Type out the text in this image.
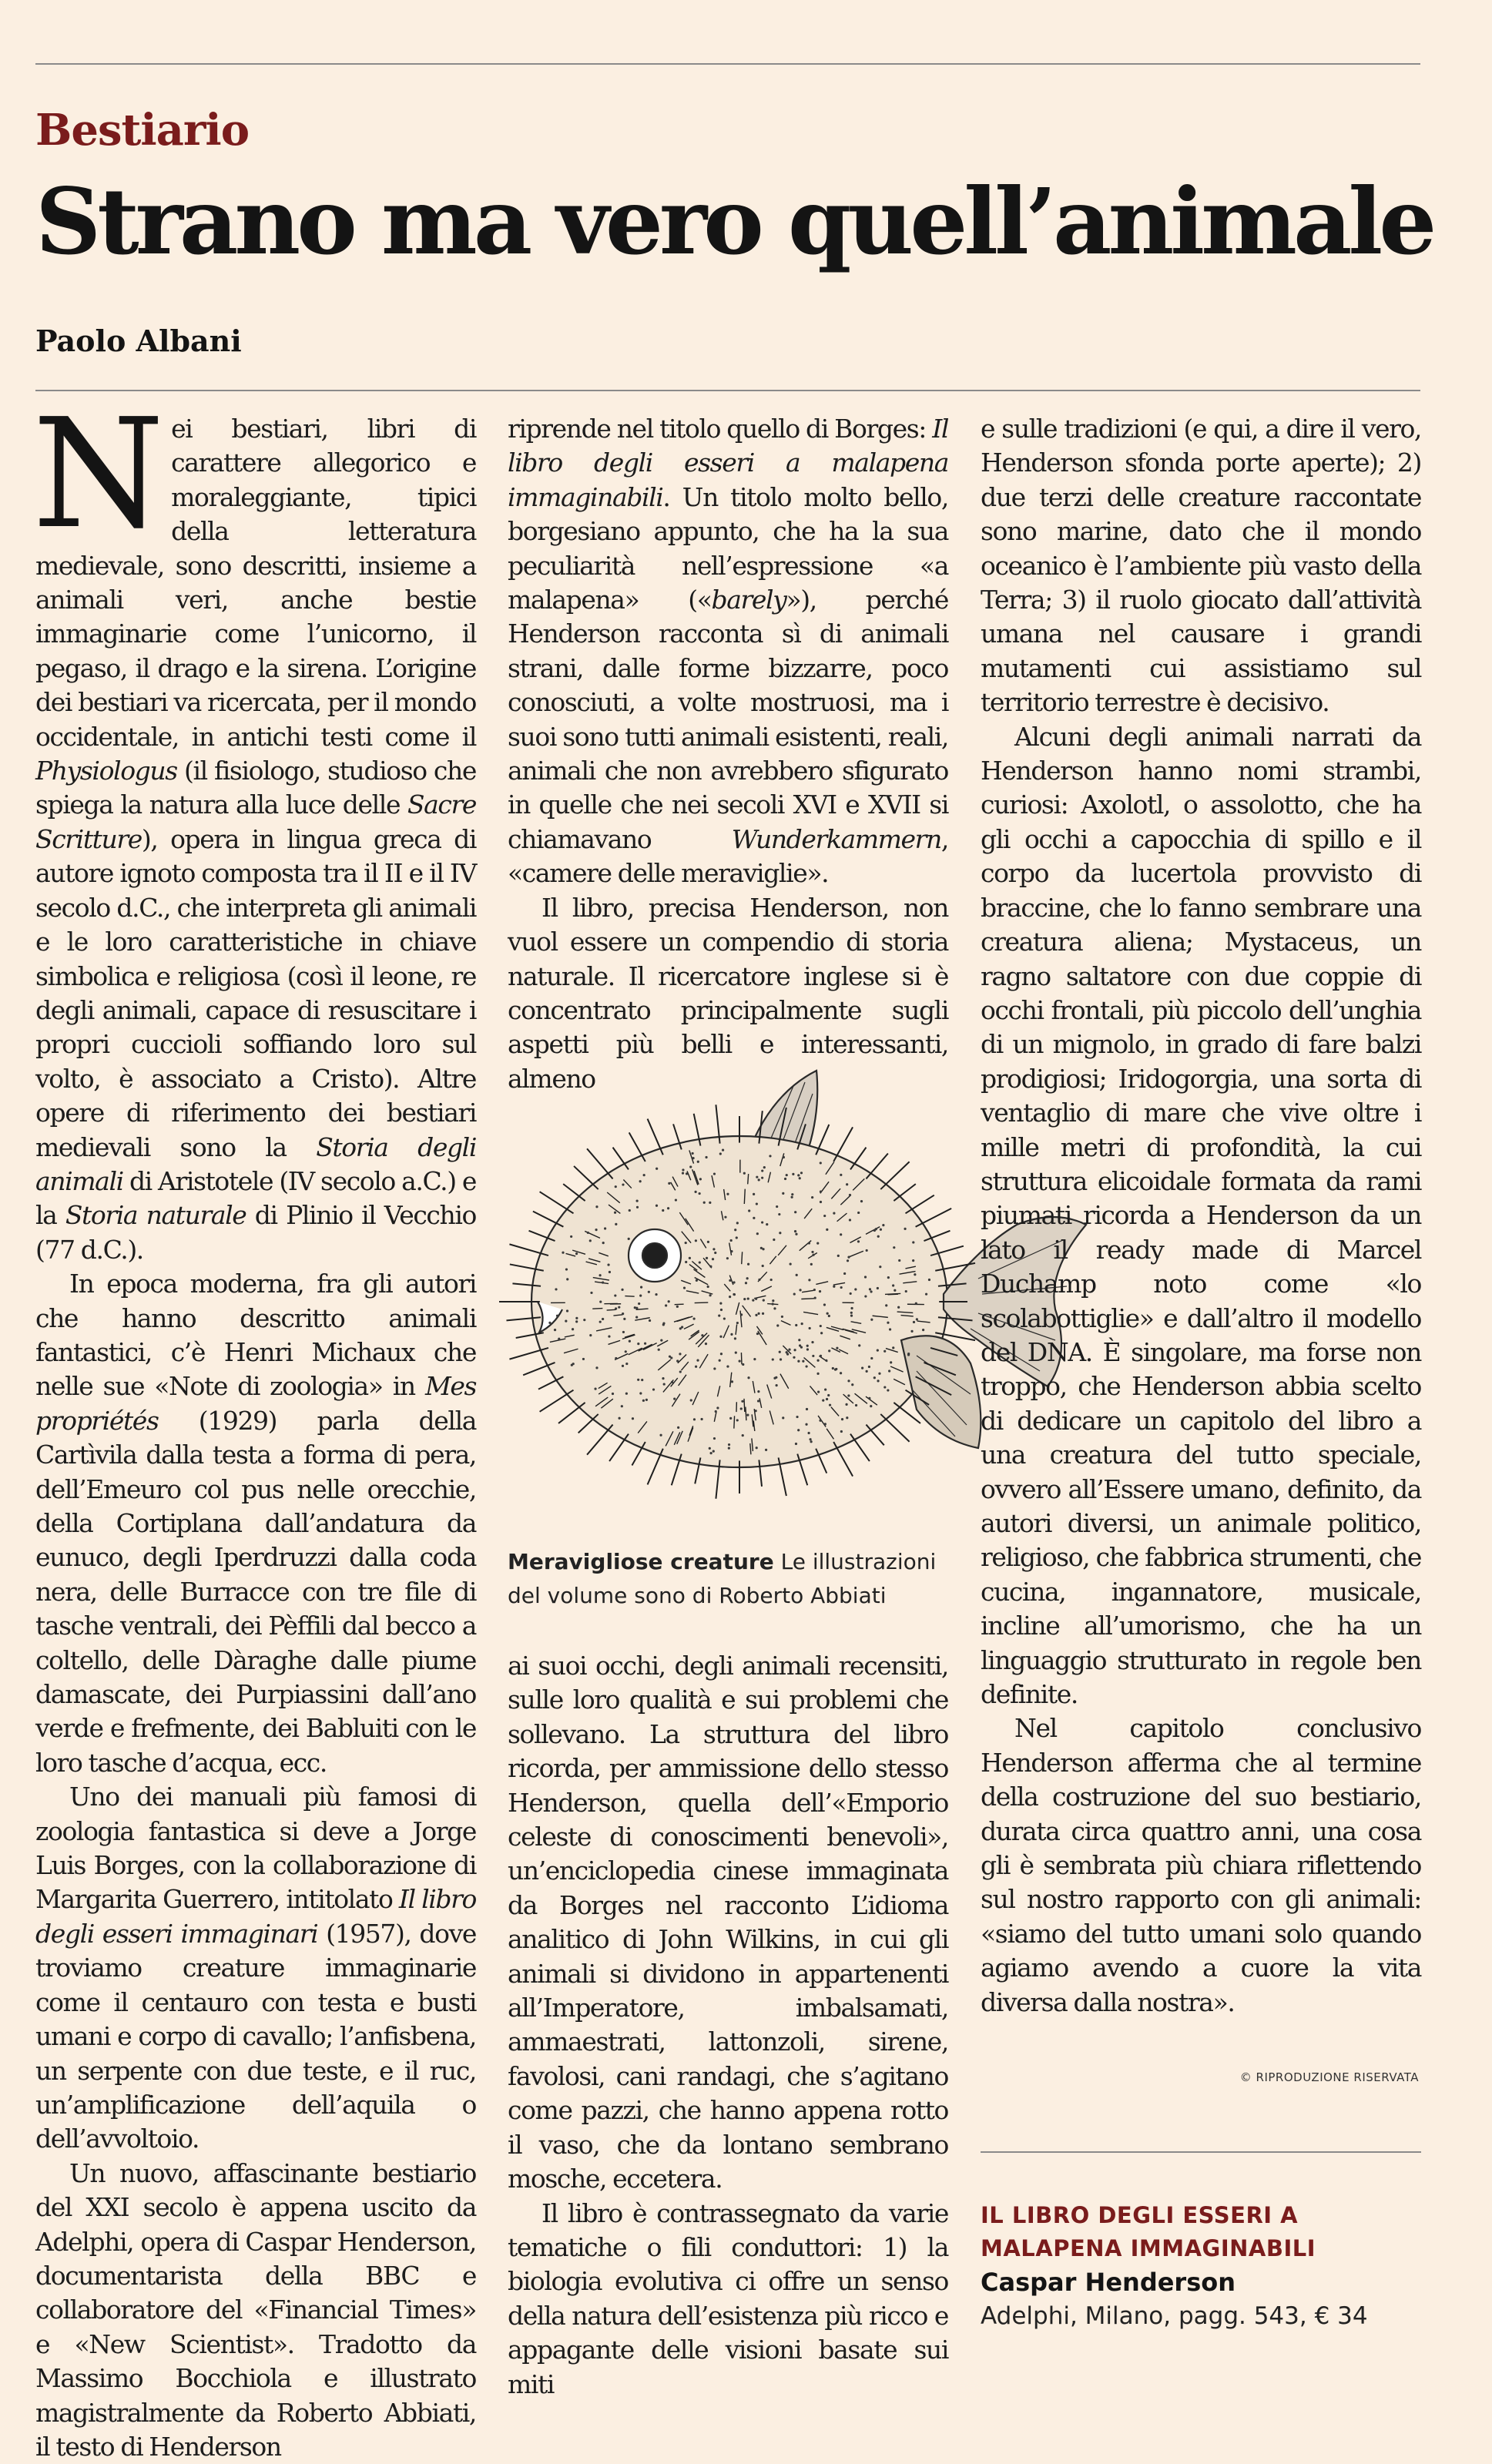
Bestiario
Strano ma vero quell’animale
Paolo Albani

Nei bestiari, libri di carattere allegorico e moraleggiante, tipici della letteratura medievale, sono descritti, insieme a animali veri, anche bestie immaginarie come l’unicorno, il pegaso, il drago e la sirena. L’origine dei bestiari va ricercata, per il mondo occidentale, in antichi testi come il Physiologus (il fisiologo, studioso che spiega la natura alla luce delle Sacre Scritture), opera in lingua greca di autore ignoto composta tra il II e il IV secolo d.C., che interpreta gli animali e le loro caratteristiche in chiave simbolica e religiosa (così il leone, re degli animali, capace di resuscitare i propri cuccioli soffiando loro sul volto, è associato a Cristo). Altre opere di riferimento dei bestiari medievali sono la Storia degli animali di Aristotele (IV secolo a.C.) e la Storia naturale di Plinio il Vecchio (77 d.C.).

In epoca moderna, fra gli autori che hanno descritto animali fantastici, c’è Henri Michaux che nelle sue «Note di zoologia» in Mes propriétés (1929) parla della Cartìvila dalla testa a forma di pera, dell’Emeuro col pus nelle orecchie, della Cortiplana dall’andatura da eunuco, degli Iperdruzzi dalla coda nera, delle Burracce con tre file di tasche ventrali, dei Pèffili dal becco a coltello, delle Dàraghe dalle piume damascate, dei Purpiassini dall’ano verde e frefmente, dei Babluiti con le loro tasche d’acqua, ecc.

Uno dei manuali più famosi di zoologia fantastica si deve a Jorge Luis Borges, con la collaborazione di Margarita Guerrero, intitolato Il libro degli esseri immaginari (1957), dove troviamo creature immaginarie come il centauro con testa e busti umani e corpo di cavallo; l’anfisbena, un serpente con due teste, e il ruc, un’amplificazione dell’aquila o dell’avvoltoio.

Un nuovo, affascinante bestiario del XXI secolo è appena uscito da Adelphi, opera di Caspar Henderson, documentarista della BBC e collaboratore del «Financial Times» e «New Scientist». Tradotto da Massimo Bocchiola e illustrato magistralmente da Roberto Abbiati, il testo di Henderson

riprende nel titolo quello di Borges: Il libro degli esseri a malapena immaginabili. Un titolo molto bello, borgesiano appunto, che ha la sua peculiarità nell’espressione «a malapena» («barely»), perché Henderson racconta sì di animali strani, dalle forme bizzarre, poco conosciuti, a volte mostruosi, ma i suoi sono tutti animali esistenti, reali, animali che non avrebbero sfigurato in quelle che nei secoli XVI e XVII si chiamavano Wunderkammern, «camere delle meraviglie».

Il libro, precisa Henderson, non vuol essere un compendio di storia naturale. Il ricercatore inglese si è concentrato principalmente sugli aspetti più belli e interessanti, almeno

ai suoi occhi, degli animali recensiti, sulle loro qualità e sui problemi che sollevano. La struttura del libro ricorda, per ammissione dello stesso Henderson, quella dell’«Emporio celeste di conoscimenti benevoli», un’enciclopedia cinese immaginata da Borges nel racconto L’idioma analitico di John Wilkins, in cui gli animali si dividono in appartenenti all’Imperatore, imbalsamati, ammaestrati, lattonzoli, sirene, favolosi, cani randagi, che s’agitano come pazzi, che hanno appena rotto il vaso, che da lontano sembrano mosche, eccetera.

Il libro è contrassegnato da varie tematiche o fili conduttori: 1) la biologia evolutiva ci offre un senso della natura dell’esistenza più ricco e appagante delle visioni basate sui miti

Meravigliose creature Le illustrazioni del volume sono di Roberto Abbiati

e sulle tradizioni (e qui, a dire il vero, Henderson sfonda porte aperte); 2) due terzi delle creature raccontate sono marine, dato che il mondo oceanico è l’ambiente più vasto della Terra; 3) il ruolo giocato dall’attività umana nel causare i grandi mutamenti cui assistiamo sul territorio terrestre è decisivo.

Alcuni degli animali narrati da Henderson hanno nomi strambi, curiosi: Axolotl, o assolotto, che ha gli occhi a capocchia di spillo e il corpo da lucertola provvisto di braccine, che lo fanno sembrare una creatura aliena; Mystaceus, un ragno saltatore con due coppie di occhi frontali, più piccolo dell’unghia di un mignolo, in grado di fare balzi prodigiosi; Iridogorgia, una sorta di ventaglio di mare che vive oltre i mille metri di profondità, la cui struttura elicoidale formata da rami piumati ricorda a Henderson da un lato il ready made di Marcel Duchamp noto come «lo scolabottiglie» e dall’altro il modello del DNA. È singolare, ma forse non troppo, che Henderson abbia scelto di dedicare un capitolo del libro a una creatura del tutto speciale, ovvero all’Essere umano, definito, da autori diversi, un animale politico, religioso, che fabbrica strumenti, che cucina, ingannatore, musicale, incline all’umorismo, che ha un linguaggio strutturato in regole ben definite.

Nel capitolo conclusivo Henderson afferma che al termine della costruzione del suo bestiario, durata circa quattro anni, una cosa gli è sembrata più chiara riflettendo sul nostro rapporto con gli animali: «siamo del tutto umani solo quando agiamo avendo a cuore la vita diversa dalla nostra».

© RIPRODUZIONE RISERVATA
IL LIBRO DEGLI ESSERI A MALAPENA IMMAGINABILI
Caspar Henderson
Adelphi, Milano, pagg. 543, € 34
